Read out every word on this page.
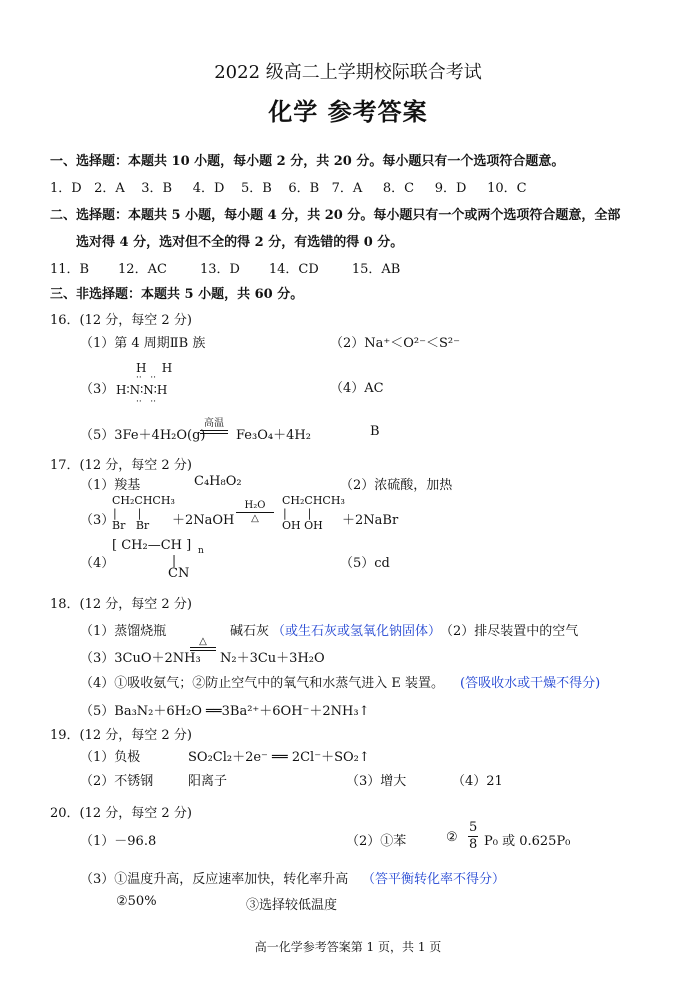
2022 级高二上学期校际联合考试
化学 参考答案
一、选择题：本题共 10 小题，每小题 2 分，共 20 分。每小题只有一个选项符合题意。
1．D   2．A    3．B     4．D    5．B    6．B   7．A     8．C     9．D     10．C
二、选择题：本题共 5 小题，每小题 4 分，共 20 分。每小题只有一个或两个选项符合题意，全部
选对得 4 分，选对但不全的得 2 分，有选错的得 0 分。
11．B       12．AC        13．D       14．CD        15．AB
三、非选择题：本题共 5 小题，共 60 分。
16．(12 分，每空 2 分)
（1）第 4 周期ⅡB 族	（2）Na⁺＜O²⁻＜S²⁻
（3）
H    H
··   ··
H∶N∶N∶H
··   ··
（4）AC
（5）3Fe＋4H₂O(g)
高温
Fe₃O₄＋4H₂	B
17．(12 分，每空 2 分)
（1）羧基	C₄H₈O₂	（2）浓硫酸，加热
（3）
CH₂CHCH₃
|      |
Br   Br ＋2NaOH
H₂O
△
CH₂CHCH₃
|      |
OH OH ＋2NaBr
（4）
[ CH₂—CH ] n
|
CN
（5）cd
18．(12 分，每空 2 分)
（1）蒸馏烧瓶	碱石灰 （或生石灰或氢氧化钠固体）
（2）排尽装置中的空气
（3）3CuO＋2NH₃
△
N₂＋3Cu＋3H₂O
（4）①吸收氨气；②防止空气中的氧气和水蒸气进入 E 装置。 (答吸收水或干燥不得分)
（5）Ba₃N₂＋6H₂O ══3Ba²⁺＋6OH⁻＋2NH₃↑
19．(12 分，每空 2 分)
（1）负极	SO₂Cl₂＋2e⁻ ══ 2Cl⁻＋SO₂↑
（2）不锈钢	阳离子	（3）增大	（4）21
20．(12 分，每空 2 分)
（1）－96.8	（2）①苯	② $\frac{5}{8} P_0$ 或 0.625P₀
（3）①温度升高，反应速率加快，转化率升高 （答平衡转化率不得分）
②50%	③选择较低温度
高一化学参考答案第 1 页，共 1 页
